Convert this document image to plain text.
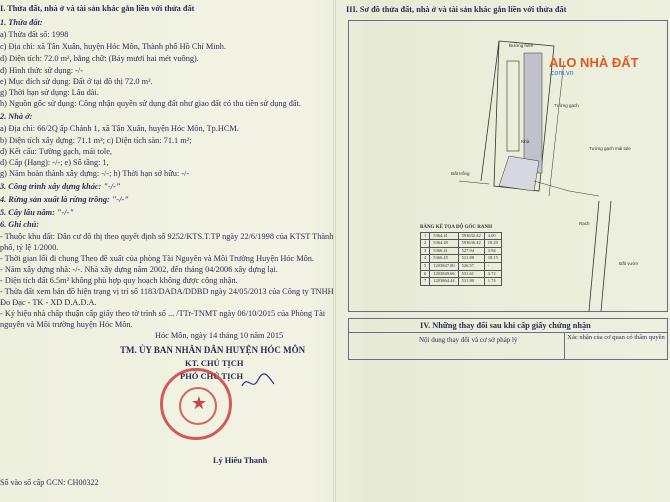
I. Thửa đất, nhà ở và tài sản khác gắn liền với thửa đất
1. Thửa đất:
a) Thửa đất số: 1998
c) Địa chỉ: xã Tân Xuân, huyện Hóc Môn, Thành phố Hồ Chí Minh.
d) Diện tích: 72.0 m², bằng chữ: (Bảy mươi hai mét vuông).
đ) Hình thức sử dụng: -/-
e) Mục đích sử dụng: Đất ở tại đô thị 72.0 m².
g) Thời hạn sử dụng: Lâu dài.
h) Nguồn gốc sử dụng: Công nhận quyền sử dụng đất như giao đất có thu tiền sử dụng đất.
2. Nhà ở:
a) Địa chỉ: 66/2Q ấp Chánh 1, xã Tân Xuân, huyện Hóc Môn, Tp.HCM.
b) Diện tích xây dựng: 71.1 m²; c) Diện tích sàn: 71.1 m²;
d) Kết cấu: Tường gạch, mái tole,
d) Cấp (Hạng): -/-; e) Số tầng: 1,
g) Năm hoàn thành xây dựng: -/-; h) Thời hạn sở hữu: -/-
3. Công trình xây dựng khác: "-/-"
4. Rừng sản xuất là rừng trồng: "-/-"
5. Cây lâu năm: "-/-"
6. Ghi chú:
- Thuộc khu đất: Dân cư đô thị theo quyết định số 9252/KTS.T.TP ngày 22/6/1998 của KTST Thành
phố, tỷ lệ 1/2000.
- Thời gian lối đi chung Theo đề xuất của phòng Tài Nguyên và Môi Trường Huyện Hóc Môn.
- Năm xây dựng nhà: -/-. Nhà xây dựng năm 2002, đến tháng 04/2006 xây dựng lại.
- Diện tích đất 6.5m² không phù hợp quy hoạch không được công nhận.
- Thửa đất xem bản đồ hiện trạng vị trí số 1183/DADA/DDBD ngày 24/05/2013 của Công ty TNHH
Đo Đạc - TK - XD D.A.D.A.
- Ký hiệu nhà chấp thuận cấp giấy theo tờ trình số ... /TTr-TNMT ngày 06/10/2015 của Phòng Tài
nguyên và Môi trường huyện Hóc Môn.
Hóc Môn, ngày 14 tháng 10 năm 2015
TM. ỦY BAN NHÂN DÂN HUYỆN HÓC MÔN
KT. CHỦ TỊCH
PHÓ CHỦ TỊCH
★
Lý Hiếu Thanh
Số vào sổ cấp GCN: CH00322
III. Sơ đồ thửa đất, nhà ở và tài sản khác gắn liền với thửa đất
Đường hẻm
Tường gạch
Nhà
Tường gạch mái tole
Rạch
Đất vườn
Đất trống
ALO NHÀ ĐẤT
.com.vn
BẢNG KÊ TỌA ĐỘ GÓC RANH
1	5364.41	593632.42	4.00
2	5364.49	593636.42	18.29
3	5366.41	527.94	3.94
4	5366.45	531.88	18.15
5	1203847.80	526.57	-
6	1203849.66	531.61	3.72
7	1203864.44	531.80	1.74
IV. Những thay đổi sau khi cấp giấy chứng nhận
Nội dung thay đổi và cơ sở pháp lý	Xác nhận của cơ quan có thẩm quyền
